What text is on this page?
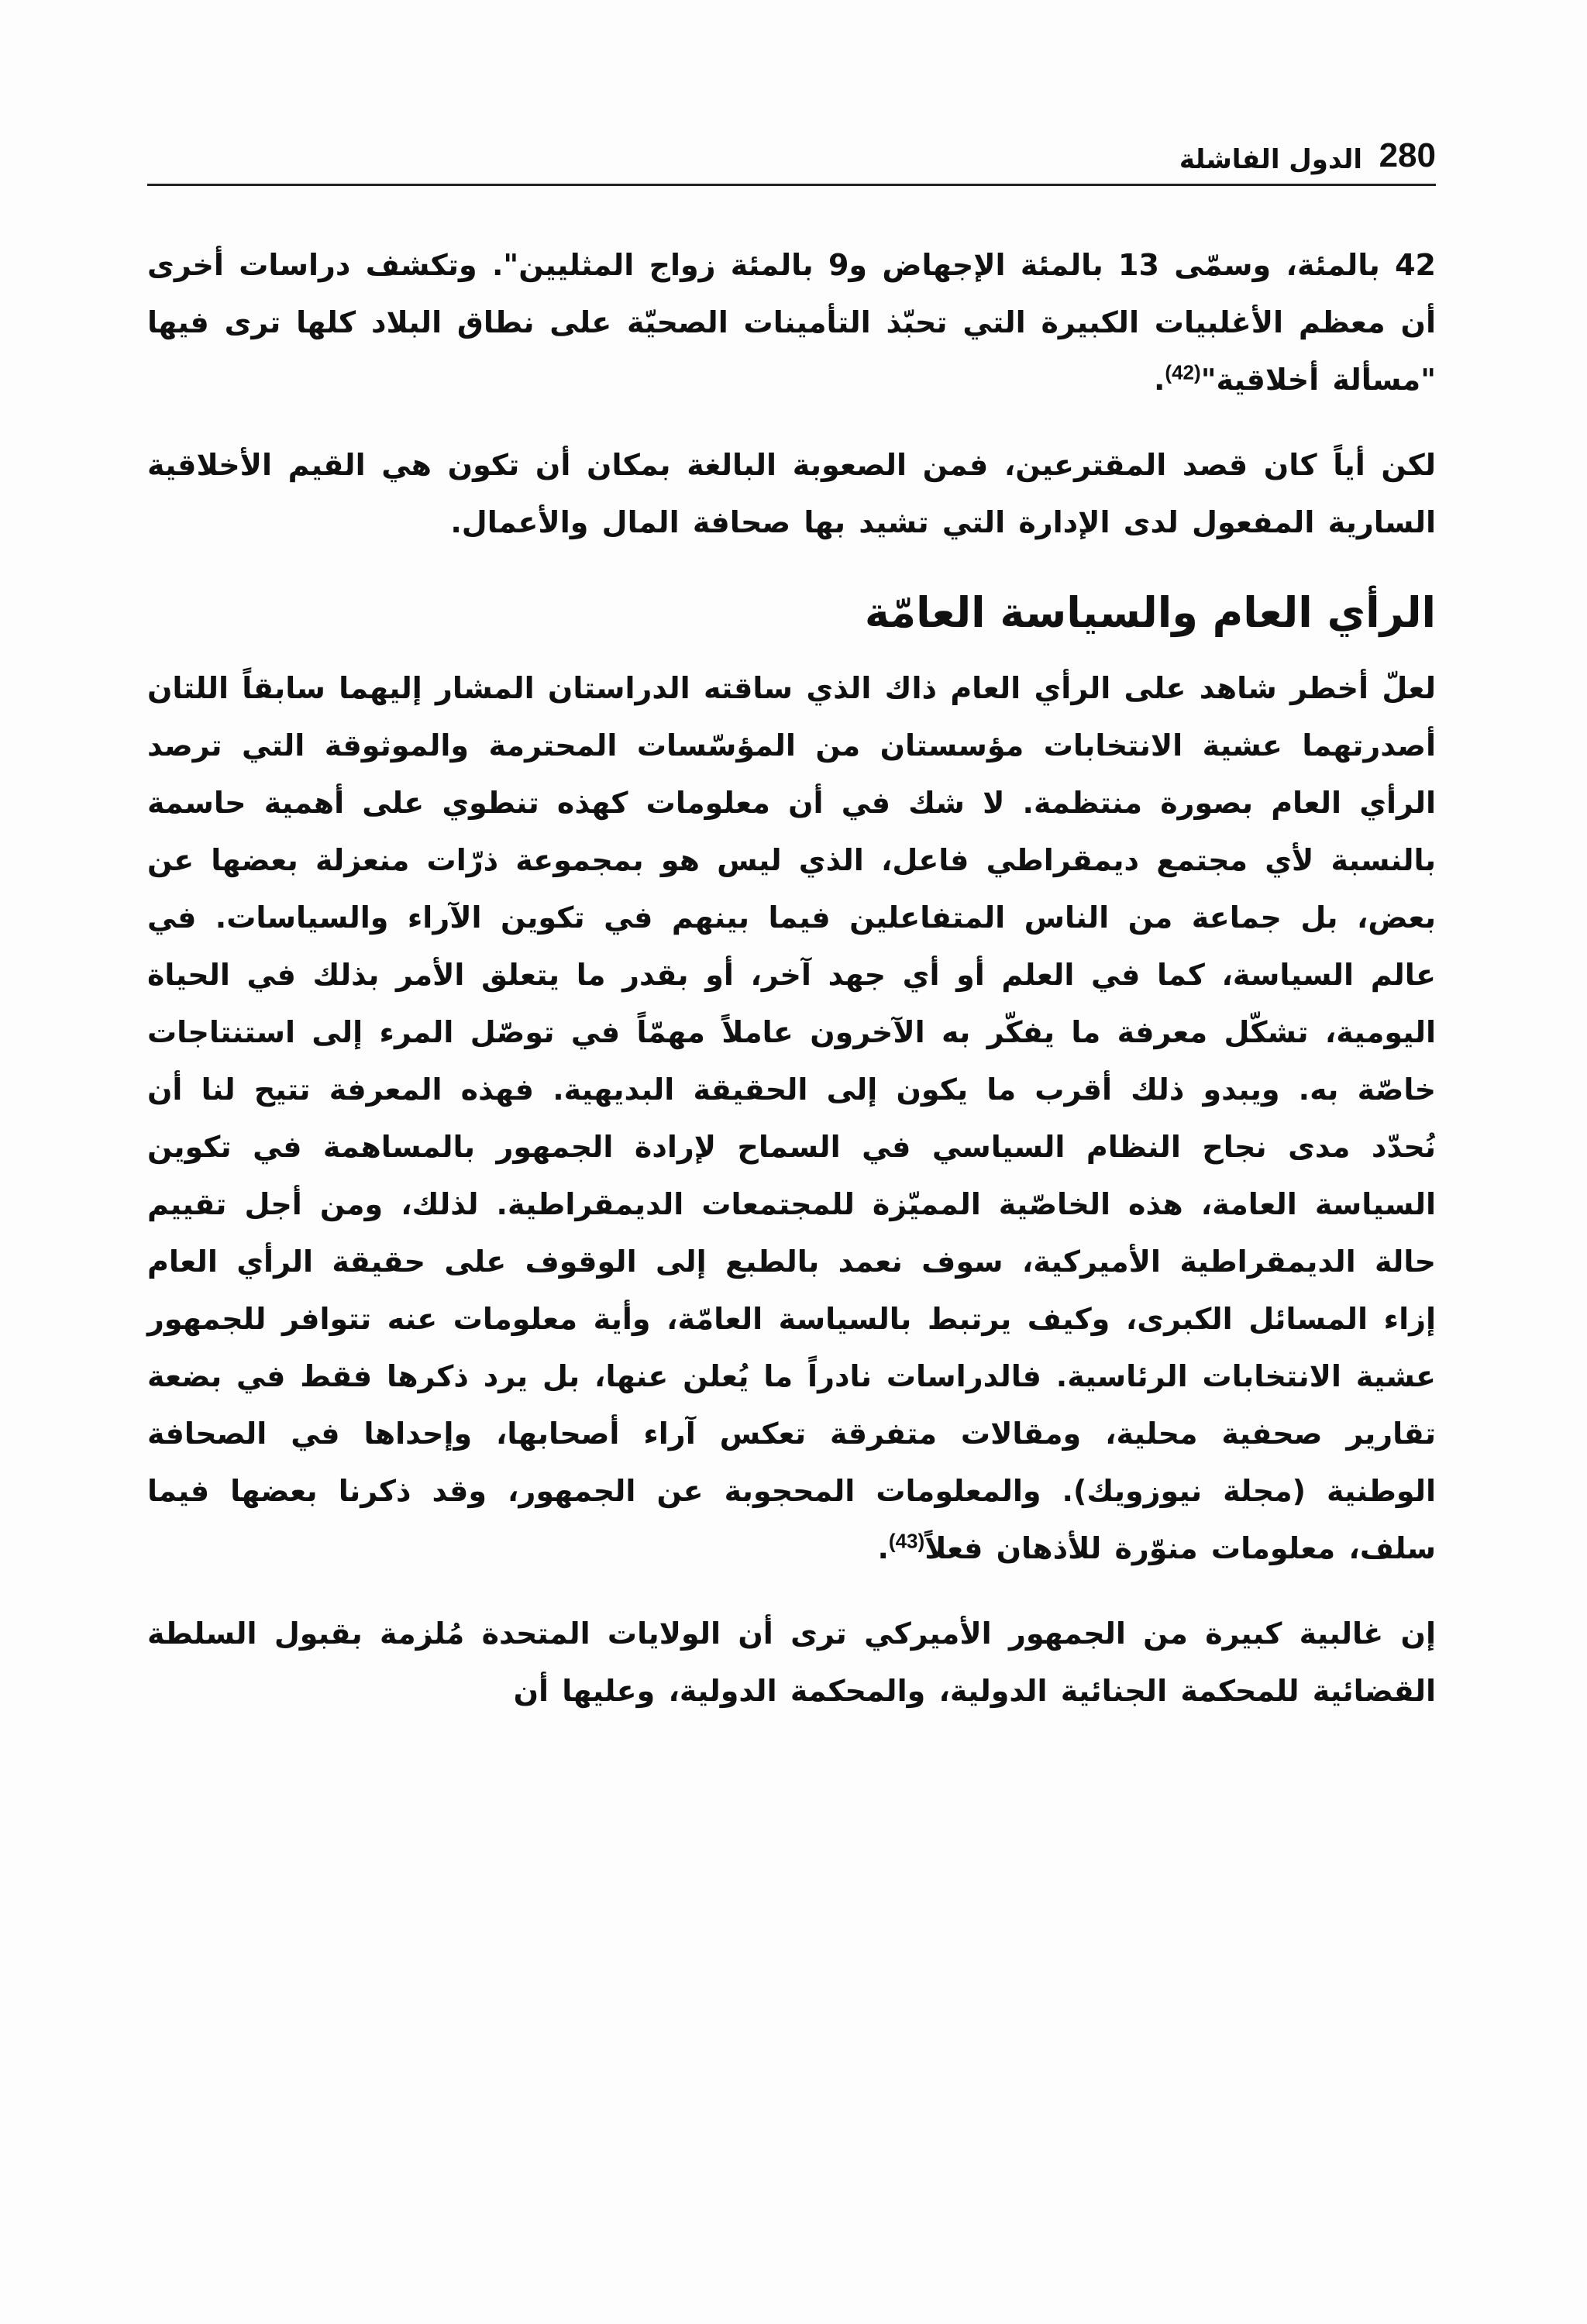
280
الدول الفاشلة

42 بالمئة، وسمّى 13 بالمئة الإجهاض و9 بالمئة زواج المثليين". وتكشف دراسات أخرى أن معظم الأغلبيات الكبيرة التي تحبّذ التأمينات الصحيّة على نطاق البلاد كلها ترى فيها "مسألة أخلاقية"$^{(42)}$.

لكن أياً كان قصد المقترعين، فمن الصعوبة البالغة بمكان أن تكون هي القيم الأخلاقية السارية المفعول لدى الإدارة التي تشيد بها صحافة المال والأعمال.

الرأي العام والسياسة العامّة

لعلّ أخطر شاهد على الرأي العام ذاك الذي ساقته الدراستان المشار إليهما سابقاً اللتان أصدرتهما عشية الانتخابات مؤسستان من المؤسّسات المحترمة والموثوقة التي ترصد الرأي العام بصورة منتظمة. لا شك في أن معلومات كهذه تنطوي على أهمية حاسمة بالنسبة لأي مجتمع ديمقراطي فاعل، الذي ليس هو بمجموعة ذرّات منعزلة بعضها عن بعض، بل جماعة من الناس المتفاعلين فيما بينهم في تكوين الآراء والسياسات. في عالم السياسة، كما في العلم أو أي جهد آخر، أو بقدر ما يتعلق الأمر بذلك في الحياة اليومية، تشكّل معرفة ما يفكّر به الآخرون عاملاً مهمّاً في توصّل المرء إلى استنتاجات خاصّة به. ويبدو ذلك أقرب ما يكون إلى الحقيقة البديهية. فهذه المعرفة تتيح لنا أن نُحدّد مدى نجاح النظام السياسي في السماح لإرادة الجمهور بالمساهمة في تكوين السياسة العامة، هذه الخاصّية المميّزة للمجتمعات الديمقراطية. لذلك، ومن أجل تقييم حالة الديمقراطية الأميركية، سوف نعمد بالطبع إلى الوقوف على حقيقة الرأي العام إزاء المسائل الكبرى، وكيف يرتبط بالسياسة العامّة، وأية معلومات عنه تتوافر للجمهور عشية الانتخابات الرئاسية. فالدراسات نادراً ما يُعلن عنها، بل يرد ذكرها فقط في بضعة تقارير صحفية محلية، ومقالات متفرقة تعكس آراء أصحابها، وإحداها في الصحافة الوطنية (مجلة نيوزويك). والمعلومات المحجوبة عن الجمهور، وقد ذكرنا بعضها فيما سلف، معلومات منوّرة للأذهان فعلاً$^{(43)}$.

إن غالبية كبيرة من الجمهور الأميركي ترى أن الولايات المتحدة مُلزمة بقبول السلطة القضائية للمحكمة الجنائية الدولية، والمحكمة الدولية، وعليها أن
